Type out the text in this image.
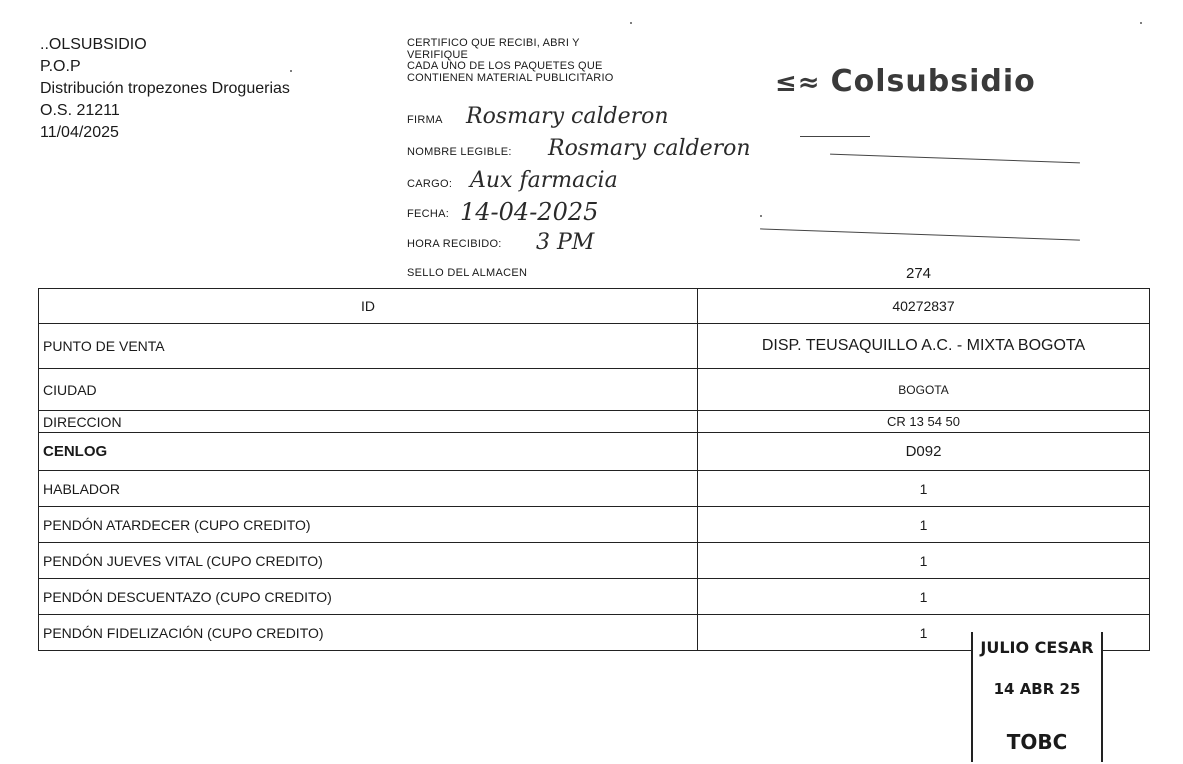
..OLSUBSIDIO
P.O.P
Distribución tropezones Droguerias
O.S. 21211
11/04/2025
CERTIFICO QUE RECIBI, ABRI Y
VERIFIQUE
CADA UNO DE LOS PAQUETES QUE
CONTIENEN MATERIAL PUBLICITARIO
FIRMA Rosmary calderon
NOMBRE LEGIBLE: Rosmary calderon
CARGO: Aux farmacia
FECHA: 14-04-2025
HORA RECIBIDO: 3 PM
SELLO DEL ALMACEN	274
≤≈ Colsubsidio
ID	40272837
PUNTO DE VENTA	DISP. TEUSAQUILLO A.C. - MIXTA BOGOTA
CIUDAD	BOGOTA
DIRECCION	CR 13 54 50
CENLOG	D092
HABLADOR	1
PENDÓN ATARDECER (CUPO CREDITO)	1
PENDÓN JUEVES VITAL (CUPO CREDITO)	1
PENDÓN DESCUENTAZO (CUPO CREDITO)	1
PENDÓN FIDELIZACIÓN (CUPO CREDITO)	1
JULIO CESAR
14 ABR 25
TOBC
